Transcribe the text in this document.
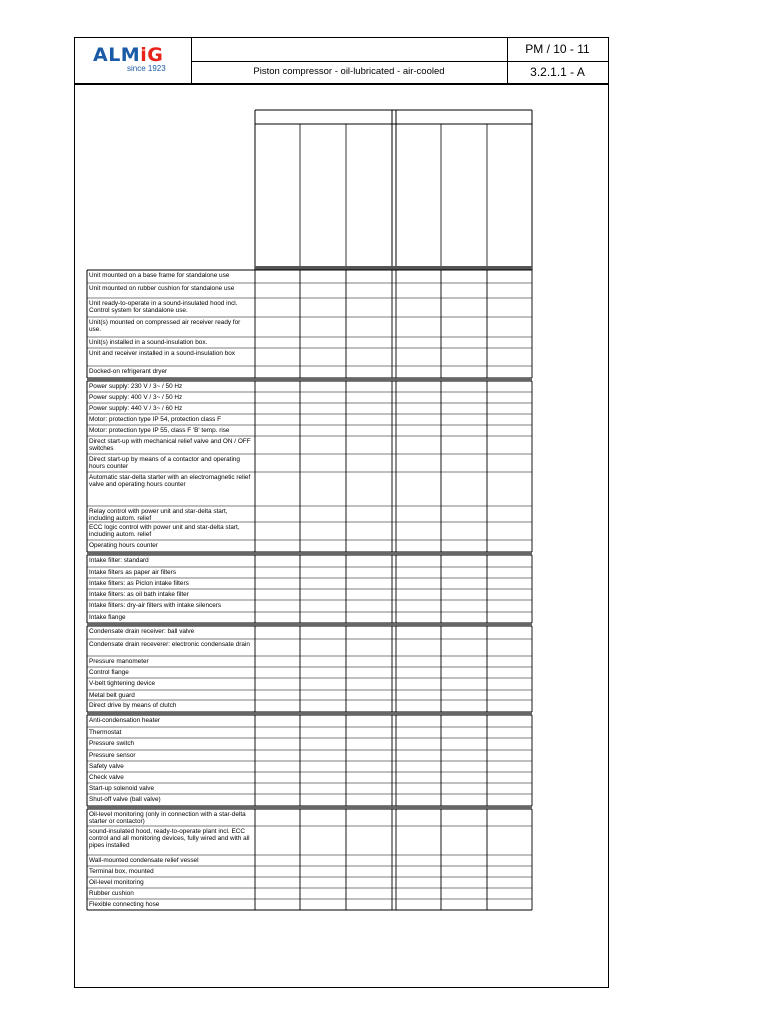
ALMiG
since 1923	Piston compressor - oil-lubricated - air-cooled
PM / 10 - 11
3.2.1.1 - A
Unit mounted on a base frame for standalone use
Unit mounted on rubber cushion for standalone use
Unit ready-to-operate in a sound-insulated hood incl. Control system for standalone use.
Unit(s) mounted on compressed air receiver ready for use.
Unit(s) installed in a sound-insulation box.
Unit and receiver installed in a sound-insulation box
Docked-on refrigerant dryer
Power supply: 230 V / 3~ / 50 Hz
Power supply: 400 V / 3~ / 50 Hz
Power supply: 440 V / 3~ / 60 Hz
Motor: protection type IP 54, protection class F
Motor: protection type IP 55, class F 'B' temp. rise
Direct start-up with mechanical relief valve and ON / OFF switches
Direct start-up by means of a contactor and operating hours counter
Automatic star-delta starter with an electromagnetic relief valve and operating hours counter
Relay control with power unit and star-delta start, including autom. relief
ECC logic control with power unit and star-delta start, including autom. relief
Operating hours counter
Intake filter: standard
Intake filters as paper air filters
Intake filters: as Piclon intake filters
Intake filters: as oil bath intake filter
Intake filters: dry-air filters with intake silencers
Intake flange
Condensate drain receiver: ball valve
Condensate drain receverer: electronic condensate drain
Pressure manometer
Control flange
V-belt tightening device
Metal belt guard
Direct drive by means of clutch
Anti-condensation heater
Thermostat
Pressure switch
Pressure sensor
Safety valve
Check valve
Start-up solenoid valve
Shut-off valve (ball valve)
Oil-level monitoring (only in connection with a star-delta starter or contactor)
sound-insulated hood, ready-to-operate plant incl. ECC control and all monitoring devices, fully wired and with all pipes installed
Wall-mounted condensate relief vessel
Terminal box, mounted
Oil-level monitoring
Rubber cushion
Flexible connecting hose
